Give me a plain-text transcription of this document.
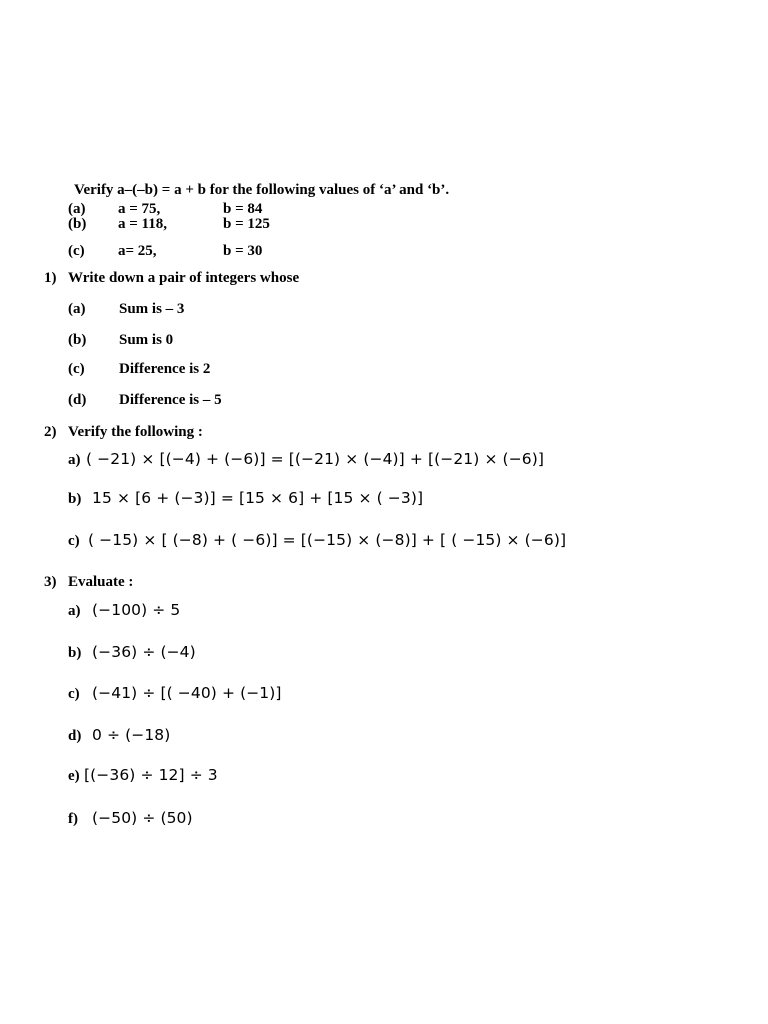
Verify a–(–b) = a + b for the following values of ‘a’ and ‘b’.
(a) a = 75,	b = 84
(b) a = 118,	b = 125
(c) a= 25,	b = 30
1) Write down a pair of integers whose
(a) Sum is – 3
(b) Sum is 0
(c) Difference is 2
(d) Difference is – 5
2) Verify the following :
a) ( −21) × [(−4) + (−6)] = [(−21) × (−4)] + [(−21) × (−6)]
b) 15 × [6 + (−3)] = [15 × 6] + [15 × ( −3)]
c) ( −15) × [ (−8) + ( −6)] = [(−15) × (−8)] + [ ( −15) × (−6)]
3) Evaluate :
a) (−100) ÷ 5
b) (−36) ÷ (−4)
c) (−41) ÷ [( −40) + (−1)]
d) 0 ÷ (−18)
e) [(−36) ÷ 12] ÷ 3
f) (−50) ÷ (50)
